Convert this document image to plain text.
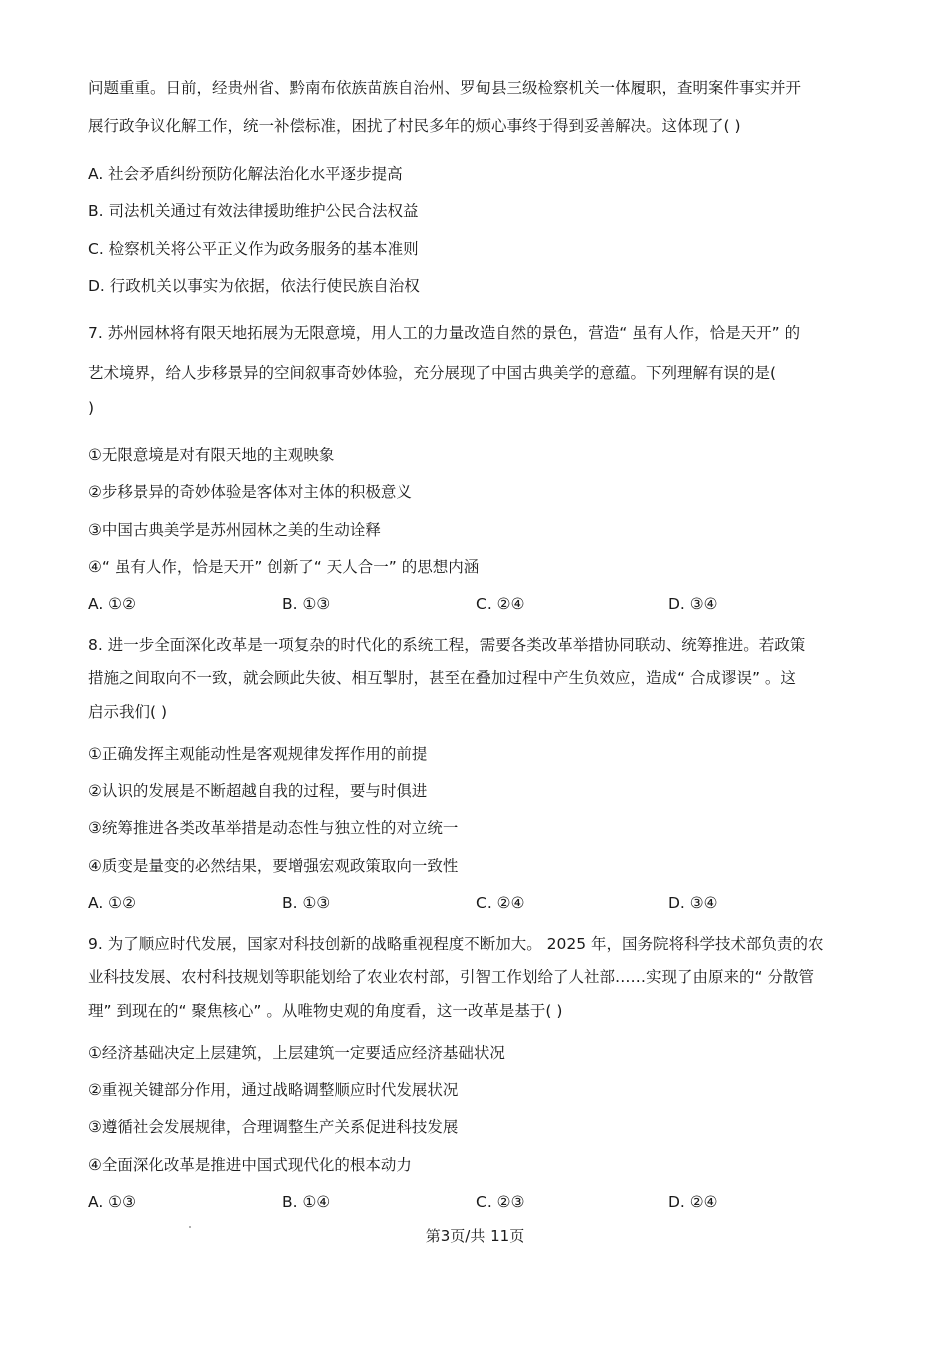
问题重重。日前，经贵州省、黔南布依族苗族自治州、罗甸县三级检察机关一体履职，查明案件事实并开
展行政争议化解工作，统一补偿标准，困扰了村民多年的烦心事终于得到妥善解决。这体现了( )
A. 社会矛盾纠纷预防化解法治化水平逐步提高
B. 司法机关通过有效法律援助维护公民合法权益
C. 检察机关将公平正义作为政务服务的基本准则
D. 行政机关以事实为依据，依法行使民族自治权
7. 苏州园林将有限天地拓展为无限意境，用人工的力量改造自然的景色，营造“ 虽有人作，恰是天开” 的
艺术境界，给人步移景异的空间叙事奇妙体验，充分展现了中国古典美学的意蕴。下列理解有误的是(
)
①无限意境是对有限天地的主观映象
②步移景异的奇妙体验是客体对主体的积极意义
③中国古典美学是苏州园林之美的生动诠释
④“ 虽有人作，恰是天开” 创新了“ 天人合一” 的思想内涵
A. ①②	B. ①③	C. ②④	D. ③④
8. 进一步全面深化改革是一项复杂的时代化的系统工程，需要各类改革举措协同联动、统筹推进。若政策
措施之间取向不一致，就会顾此失彼、相互掣肘，甚至在叠加过程中产生负效应，造成“ 合成谬误” 。这
启示我们( )
①正确发挥主观能动性是客观规律发挥作用的前提
②认识的发展是不断超越自我的过程，要与时俱进
③统筹推进各类改革举措是动态性与独立性的对立统一
④质变是量变的必然结果，要增强宏观政策取向一致性
A. ①②	B. ①③	C. ②④	D. ③④
9. 为了顺应时代发展，国家对科技创新的战略重视程度不断加大。 2025 年，国务院将科学技术部负责的农
业科技发展、农村科技规划等职能划给了农业农村部，引智工作划给了人社部……实现了由原来的“ 分散管
理” 到现在的“ 聚焦核心” 。从唯物史观的角度看，这一改革是基于( )
①经济基础决定上层建筑，上层建筑一定要适应经济基础状况
②重视关键部分作用，通过战略调整顺应时代发展状况
③遵循社会发展规律，合理调整生产关系促进科技发展
④全面深化改革是推进中国式现代化的根本动力
A. ①③	B. ①④	C. ②③	D. ②④
第3页/共 11页
